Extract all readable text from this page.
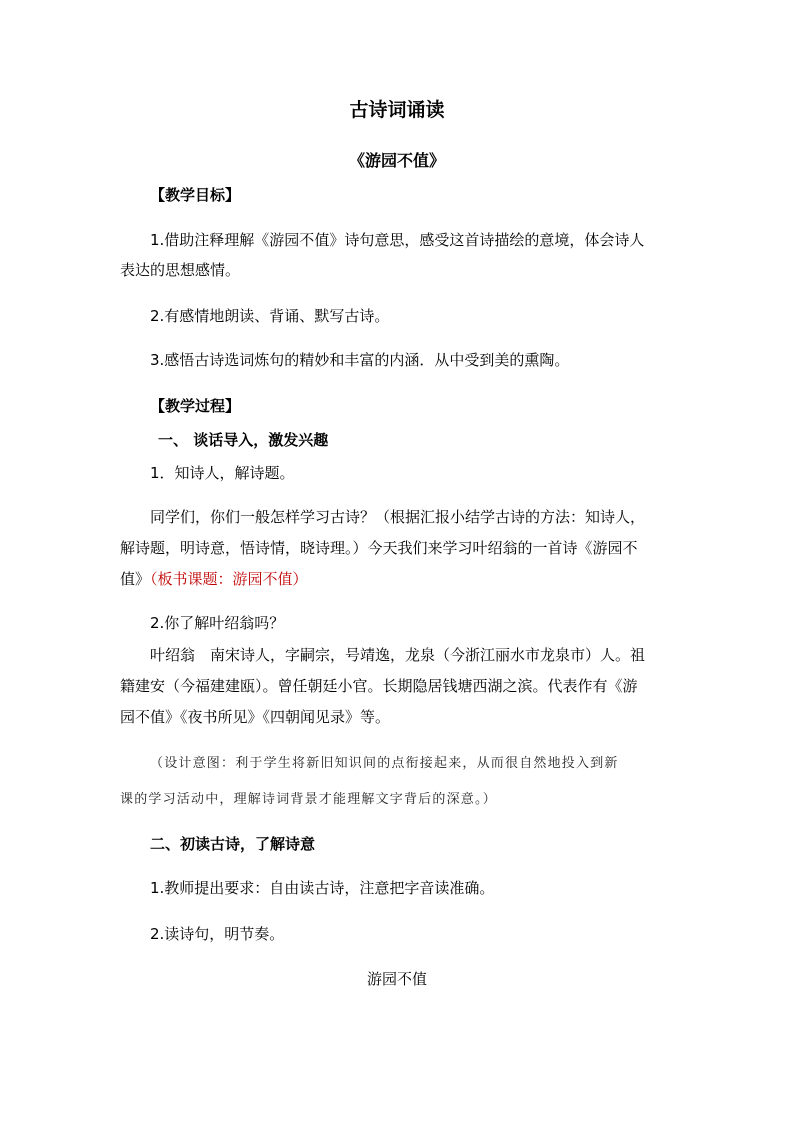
古诗词诵读

《游园不值》

【教学目标】

1.借助注释理解《游园不值》诗句意思，感受这首诗描绘的意境，体会诗人

表达的思想感情。

2.有感情地朗读、背诵、默写古诗。

3.感悟古诗选词炼句的精妙和丰富的内涵．从中受到美的熏陶。

【教学过程】

一、 谈话导入，激发兴趣

1．知诗人，解诗题。

同学们，你们一般怎样学习古诗？（根据汇报小结学古诗的方法：知诗人，

解诗题，明诗意，悟诗情，晓诗理。）今天我们来学习叶绍翁的一首诗《游园不

值》（板书课题：游园不值）

2.你了解叶绍翁吗？

叶绍翁　南宋诗人，字嗣宗，号靖逸，龙泉（今浙江丽水市龙泉市）人。祖

籍建安（今福建建瓯）。曾任朝廷小官。长期隐居钱塘西湖之滨。代表作有《游

园不值》《夜书所见》《四朝闻见录》等。

（设计意图：利于学生将新旧知识间的点衔接起来，从而很自然地投入到新

课的学习活动中，理解诗词背景才能理解文字背后的深意。）

二、初读古诗，了解诗意

1.教师提出要求：自由读古诗，注意把字音读准确。

2.读诗句，明节奏。

游园不值
